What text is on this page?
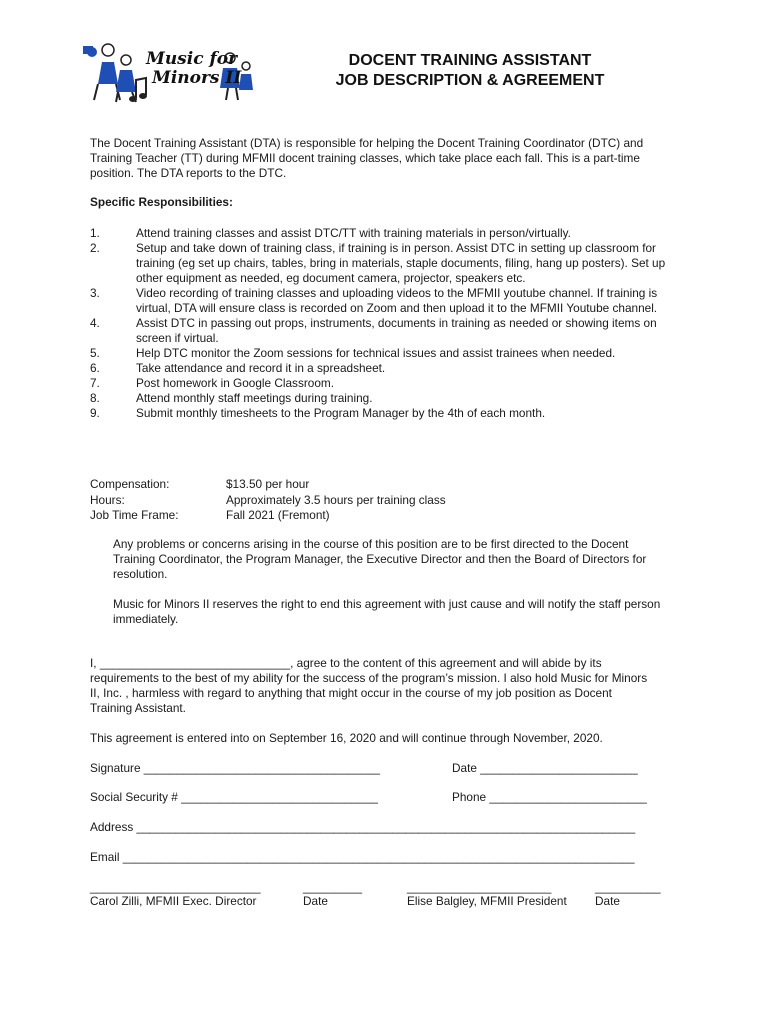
Music for
Minors II
DOCENT TRAINING ASSISTANT
JOB DESCRIPTION & AGREEMENT
The Docent Training Assistant (DTA) is responsible for helping the Docent Training Coordinator (DTC) and Training Teacher (TT) during MFMII docent training classes, which take place each fall. This is a part-time position. The DTA reports to the DTC.
Specific Responsibilities:
1.	Attend training classes and assist DTC/TT with training materials in person/virtually.
2.	Setup and take down of training class, if training is in person. Assist DTC in setting up classroom for training (eg set up chairs, tables, bring in materials, staple documents, filing, hang up posters). Set up other equipment as needed, eg document camera, projector, speakers etc.
3.	Video recording of training classes and uploading videos to the MFMII youtube channel. If training is virtual, DTA will ensure class is recorded on Zoom and then upload it to the MFMII Youtube channel.
4.	Assist DTC in passing out props, instruments, documents in training as needed or showing items on screen if virtual.
5.	Help DTC monitor the Zoom sessions for technical issues and assist trainees when needed.
6.	Take attendance and record it in a spreadsheet.
7.	Post homework in Google Classroom.
8.	Attend monthly staff meetings during training.
9.	Submit monthly timesheets to the Program Manager by the 4th of each month.
Compensation:	$13.50 per hour
Hours:	Approximately 3.5 hours per training class
Job Time Frame:	Fall 2021 (Fremont)
Any problems or concerns arising in the course of this position are to be first directed to the Docent Training Coordinator, the Program Manager, the Executive Director and then the Board of Directors for resolution.
Music for Minors II reserves the right to end this agreement with just cause and will notify the staff person immediately.
I, _____________________________, agree to the content of this agreement and will abide by its requirements to the best of my ability for the success of the program’s mission. I also hold Music for Minors II, Inc. , harmless with regard to anything that might occur in the course of my job position as Docent Training Assistant.
This agreement is entered into on September 16, 2020 and will continue through November, 2020.
Signature ____________________________________	Date ________________________
Social Security # ______________________________	Phone ________________________
Address ____________________________________________________________________________
Email ______________________________________________________________________________
__________________________
Carol Zilli, MFMII Exec. Director
_________
Date
______________________
Elise Balgley, MFMII President
__________
Date
